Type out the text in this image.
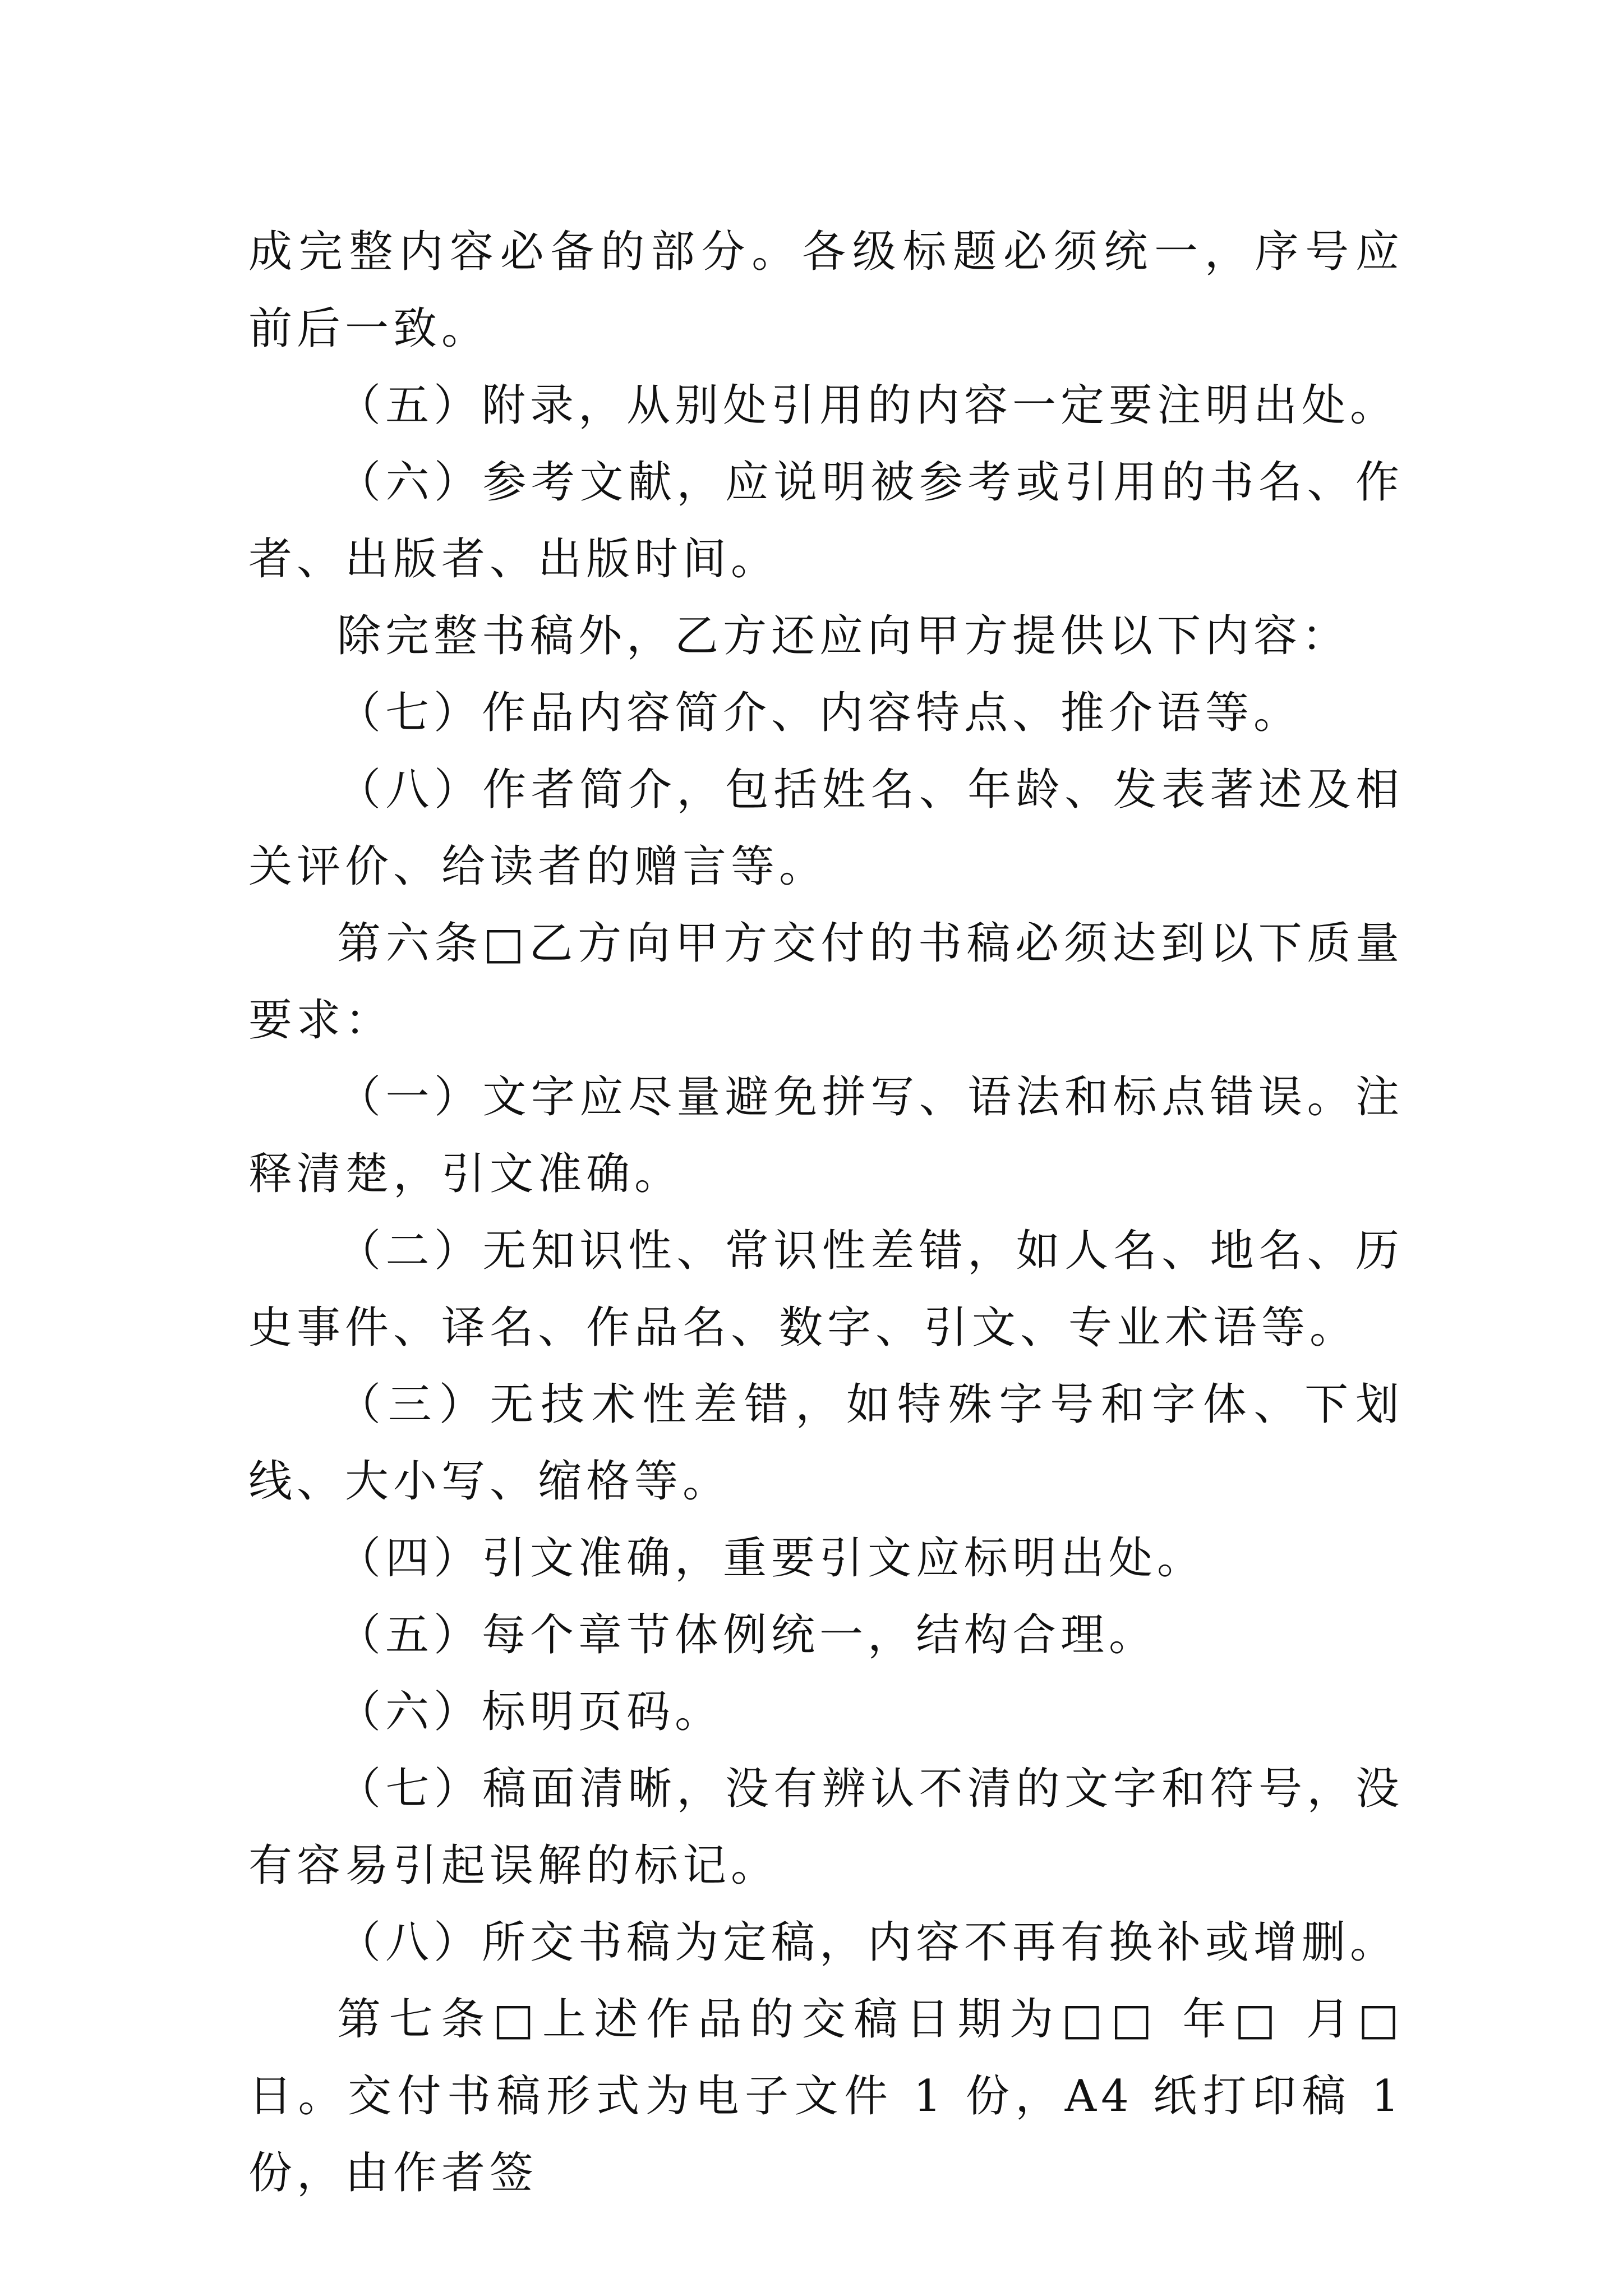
成完整内容必备的部分。各级标题必须统一，序号应前后一致。

（五）附录，从别处引用的内容一定要注明出处。

（六）参考文献，应说明被参考或引用的书名、作者、出版者、出版时间。

除完整书稿外，乙方还应向甲方提供以下内容：

（七）作品内容简介、内容特点、推介语等。

（八）作者简介，包括姓名、年龄、发表著述及相关评价、给读者的赠言等。

第六条□乙方向甲方交付的书稿必须达到以下质量要求：

（一）文字应尽量避免拼写、语法和标点错误。注释清楚，引文准确。

（二）无知识性、常识性差错，如人名、地名、历史事件、译名、作品名、数字、引文、专业术语等。

（三）无技术性差错，如特殊字号和字体、下划线、大小写、缩格等。

（四）引文准确，重要引文应标明出处。

（五）每个章节体例统一，结构合理。

（六）标明页码。

（七）稿面清晰，没有辨认不清的文字和符号，没有容易引起误解的标记。

（八）所交书稿为定稿，内容不再有换补或增删。

第七条□上述作品的交稿日期为□□ 年□ 月□ 日。交付书稿形式为电子文件 1 份，A4 纸打印稿 1 份，由作者签
